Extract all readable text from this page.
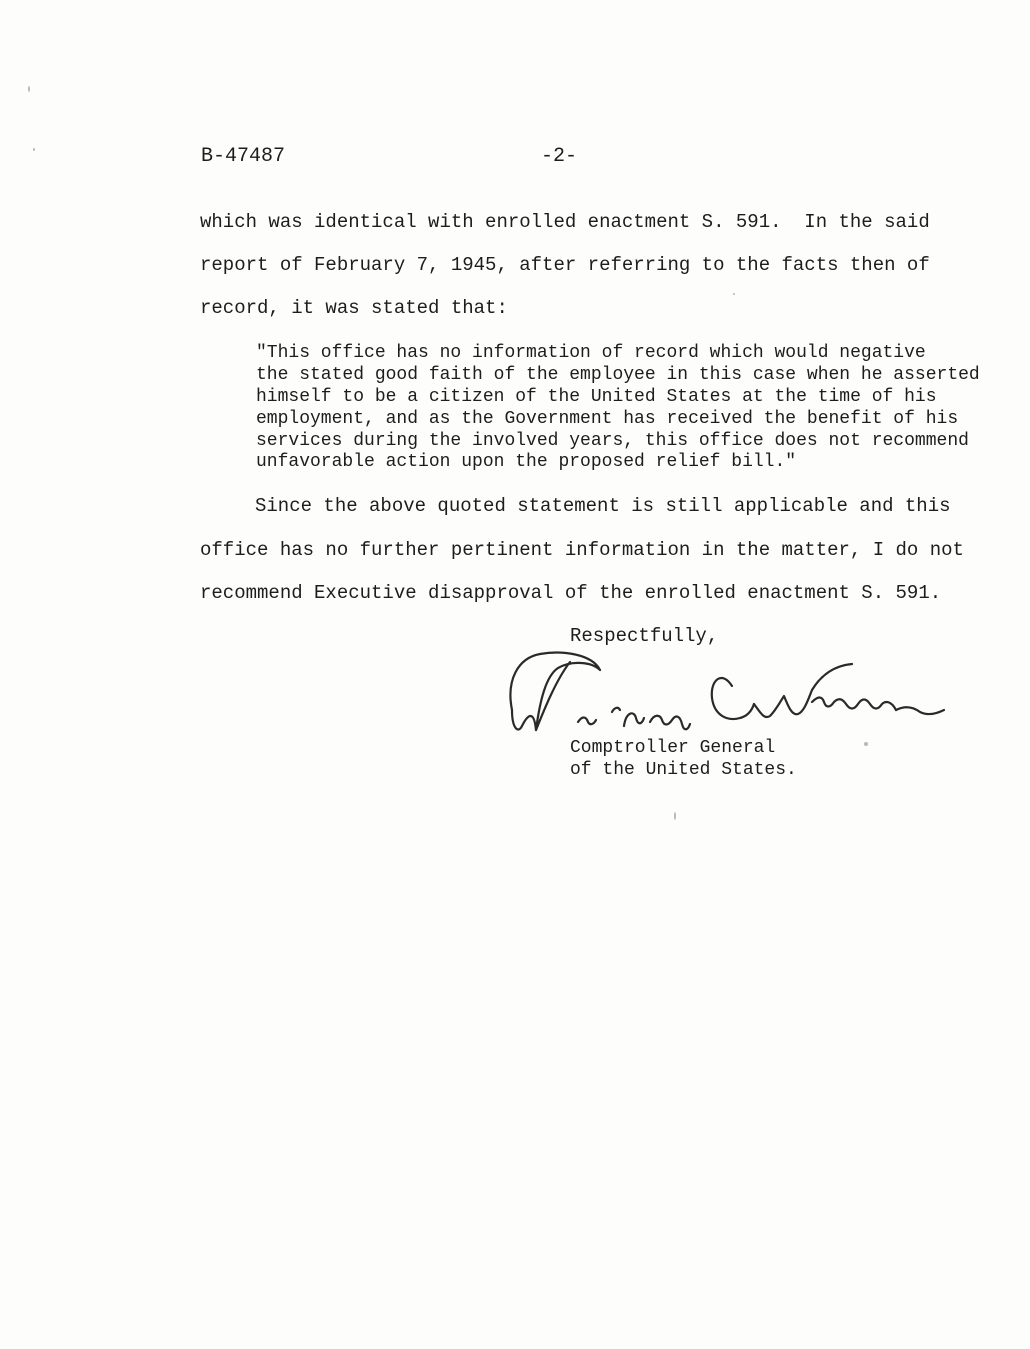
B-47487	-2-
which was identical with enrolled enactment S. 591.  In the said
report of February 7, 1945, after referring to the facts then of
record, it was stated that:
"This office has no information of record which would negative
the stated good faith of the employee in this case when he asserted
himself to be a citizen of the United States at the time of his
employment, and as the Government has received the benefit of his
services during the involved years, this office does not recommend
unfavorable action upon the proposed relief bill."
Since the above quoted statement is still applicable and this
office has no further pertinent information in the matter, I do not
recommend Executive disapproval of the enrolled enactment S. 591.
Respectfully,
Comptroller General
of the United States.
